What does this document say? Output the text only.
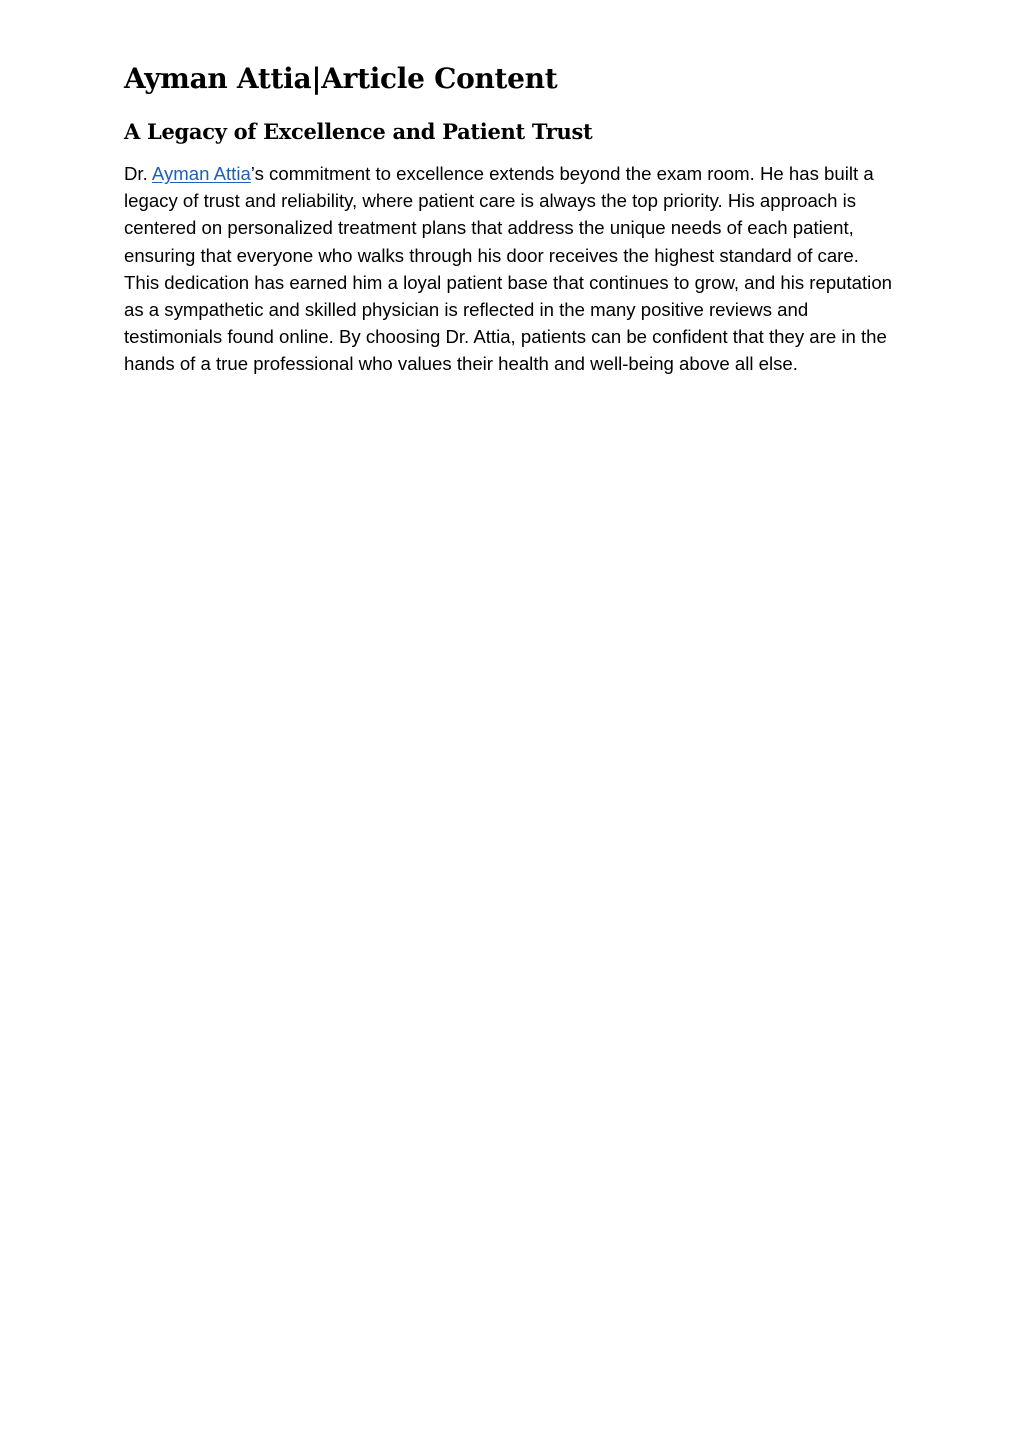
Ayman Attia|Article Content
A Legacy of Excellence and Patient Trust

Dr. Ayman Attia’s commitment to excellence extends beyond the exam room. He has built a legacy of trust and reliability, where patient care is always the top priority. His approach is centered on personalized treatment plans that address the unique needs of each patient, ensuring that everyone who walks through his door receives the highest standard of care. This dedication has earned him a loyal patient base that continues to grow, and his reputation as a sympathetic and skilled physician is reflected in the many positive reviews and testimonials found online. By choosing Dr. Attia, patients can be confident that they are in the hands of a true professional who values their health and well-being above all else.
